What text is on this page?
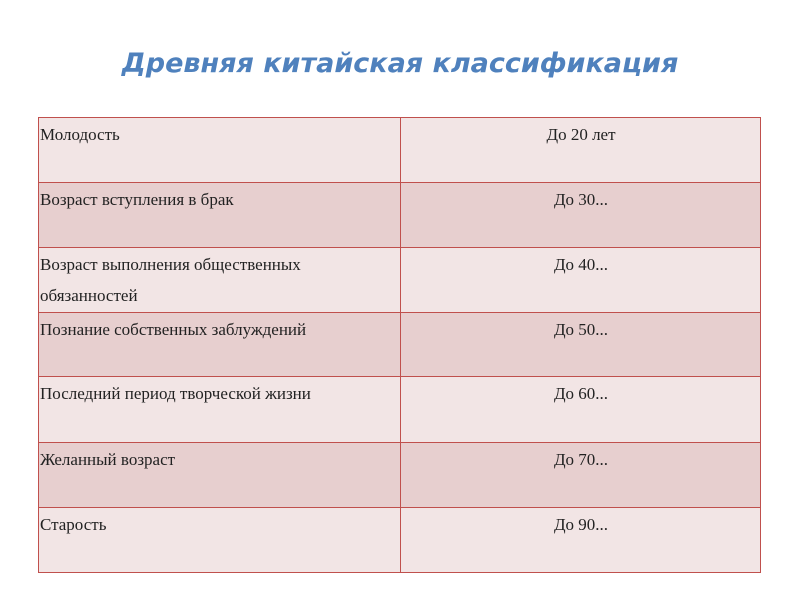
Древняя китайская классификация
Молодость	До 20 лет
Возраст вступления в брак	До 30...
Возраст выполнения общественных обязанностей	До 40...
Познание собственных заблуждений	До 50...
Последний период творческой жизни	До 60...
Желанный возраст	До 70...
Старость	До 90...
